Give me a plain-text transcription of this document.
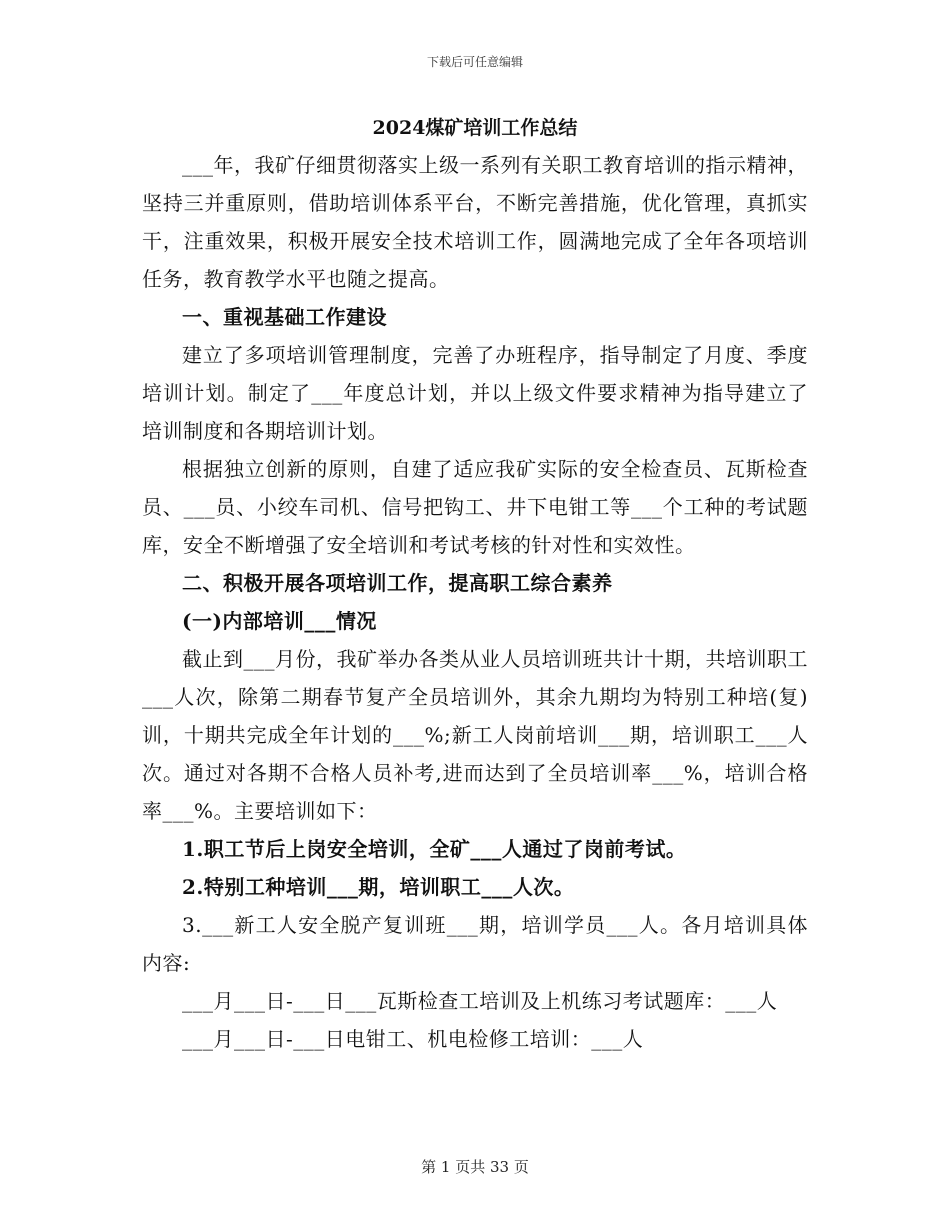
下载后可任意编辑
2024煤矿培训工作总结

___年，我矿仔细贯彻落实上级一系列有关职工教育培训的指示精神，坚持三并重原则，借助培训体系平台，不断完善措施，优化管理，真抓实干，注重效果，积极开展安全技术培训工作，圆满地完成了全年各项培训任务，教育教学水平也随之提高。

一、重视基础工作建设

建立了多项培训管理制度，完善了办班程序，指导制定了月度、季度培训计划。制定了___年度总计划，并以上级文件要求精神为指导建立了培训制度和各期培训计划。

根据独立创新的原则，自建了适应我矿实际的安全检查员、瓦斯检查员、___员、小绞车司机、信号把钩工、井下电钳工等___个工种的考试题库，安全不断增强了安全培训和考试考核的针对性和实效性。

二、积极开展各项培训工作，提高职工综合素养

(一)内部培训___情况

截止到___月份，我矿举办各类从业人员培训班共计十期，共培训职工___人次，除第二期春节复产全员培训外，其余九期均为特别工种培(复)训，十期共完成全年计划的___%;新工人岗前培训___期，培训职工___人次。通过对各期不合格人员补考,进而达到了全员培训率___%，培训合格率___%。主要培训如下：

1.职工节后上岗安全培训，全矿___人通过了岗前考试。

2.特别工种培训___期，培训职工___人次。

3.___新工人安全脱产复训班___期，培训学员___人。各月培训具体内容:

___月___日-___日___瓦斯检查工培训及上机练习考试题库：___人

___月___日-___日电钳工、机电检修工培训：___人

第 1 页共 33 页
